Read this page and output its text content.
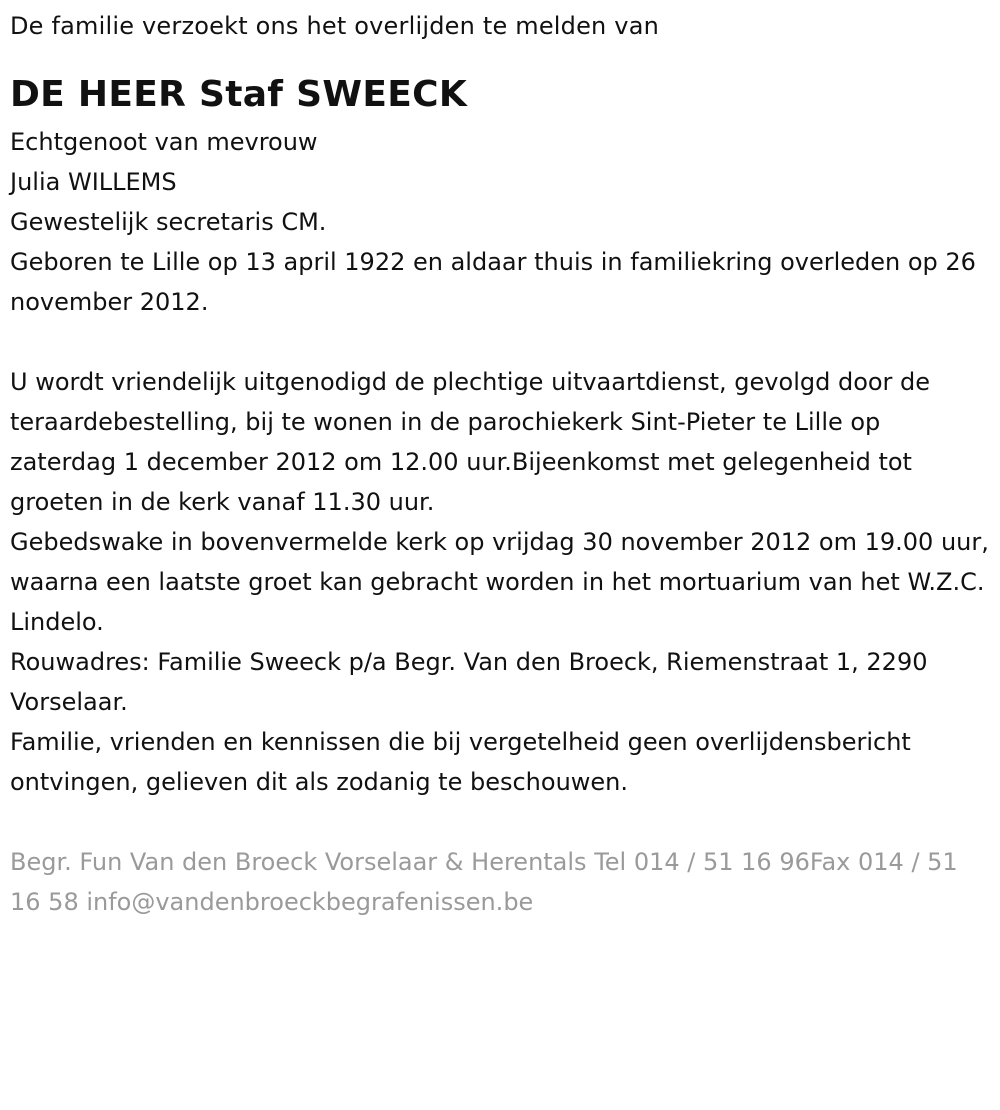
De familie verzoekt ons het overlijden te melden van

DE HEER Staf SWEECK

Echtgenoot van mevrouw

Julia WILLEMS

Gewestelijk secretaris CM.

Geboren te Lille op 13 april 1922 en aldaar thuis in familiekring overleden op 26 november 2012.

U wordt vriendelijk uitgenodigd de plechtige uitvaartdienst, gevolgd door de teraardebestelling, bij te wonen in de parochiekerk Sint-Pieter te Lille op zaterdag 1 december 2012 om 12.00 uur.Bijeenkomst met gelegenheid tot groeten in de kerk vanaf 11.30 uur.

Gebedswake in bovenvermelde kerk op vrijdag 30 november 2012 om 19.00 uur, waarna een laatste groet kan gebracht worden in het mortuarium van het W.Z.C. Lindelo.

Rouwadres: Familie Sweeck p/a Begr. Van den Broeck, Riemenstraat 1, 2290 Vorselaar.

Familie, vrienden en kennissen die bij vergetelheid geen overlijdensbericht ontvingen, gelieven dit als zodanig te beschouwen.

Begr. Fun Van den Broeck Vorselaar & Herentals Tel 014 / 51 16 96Fax 014 / 51 16 58 info@vandenbroeckbegrafenissen.be
